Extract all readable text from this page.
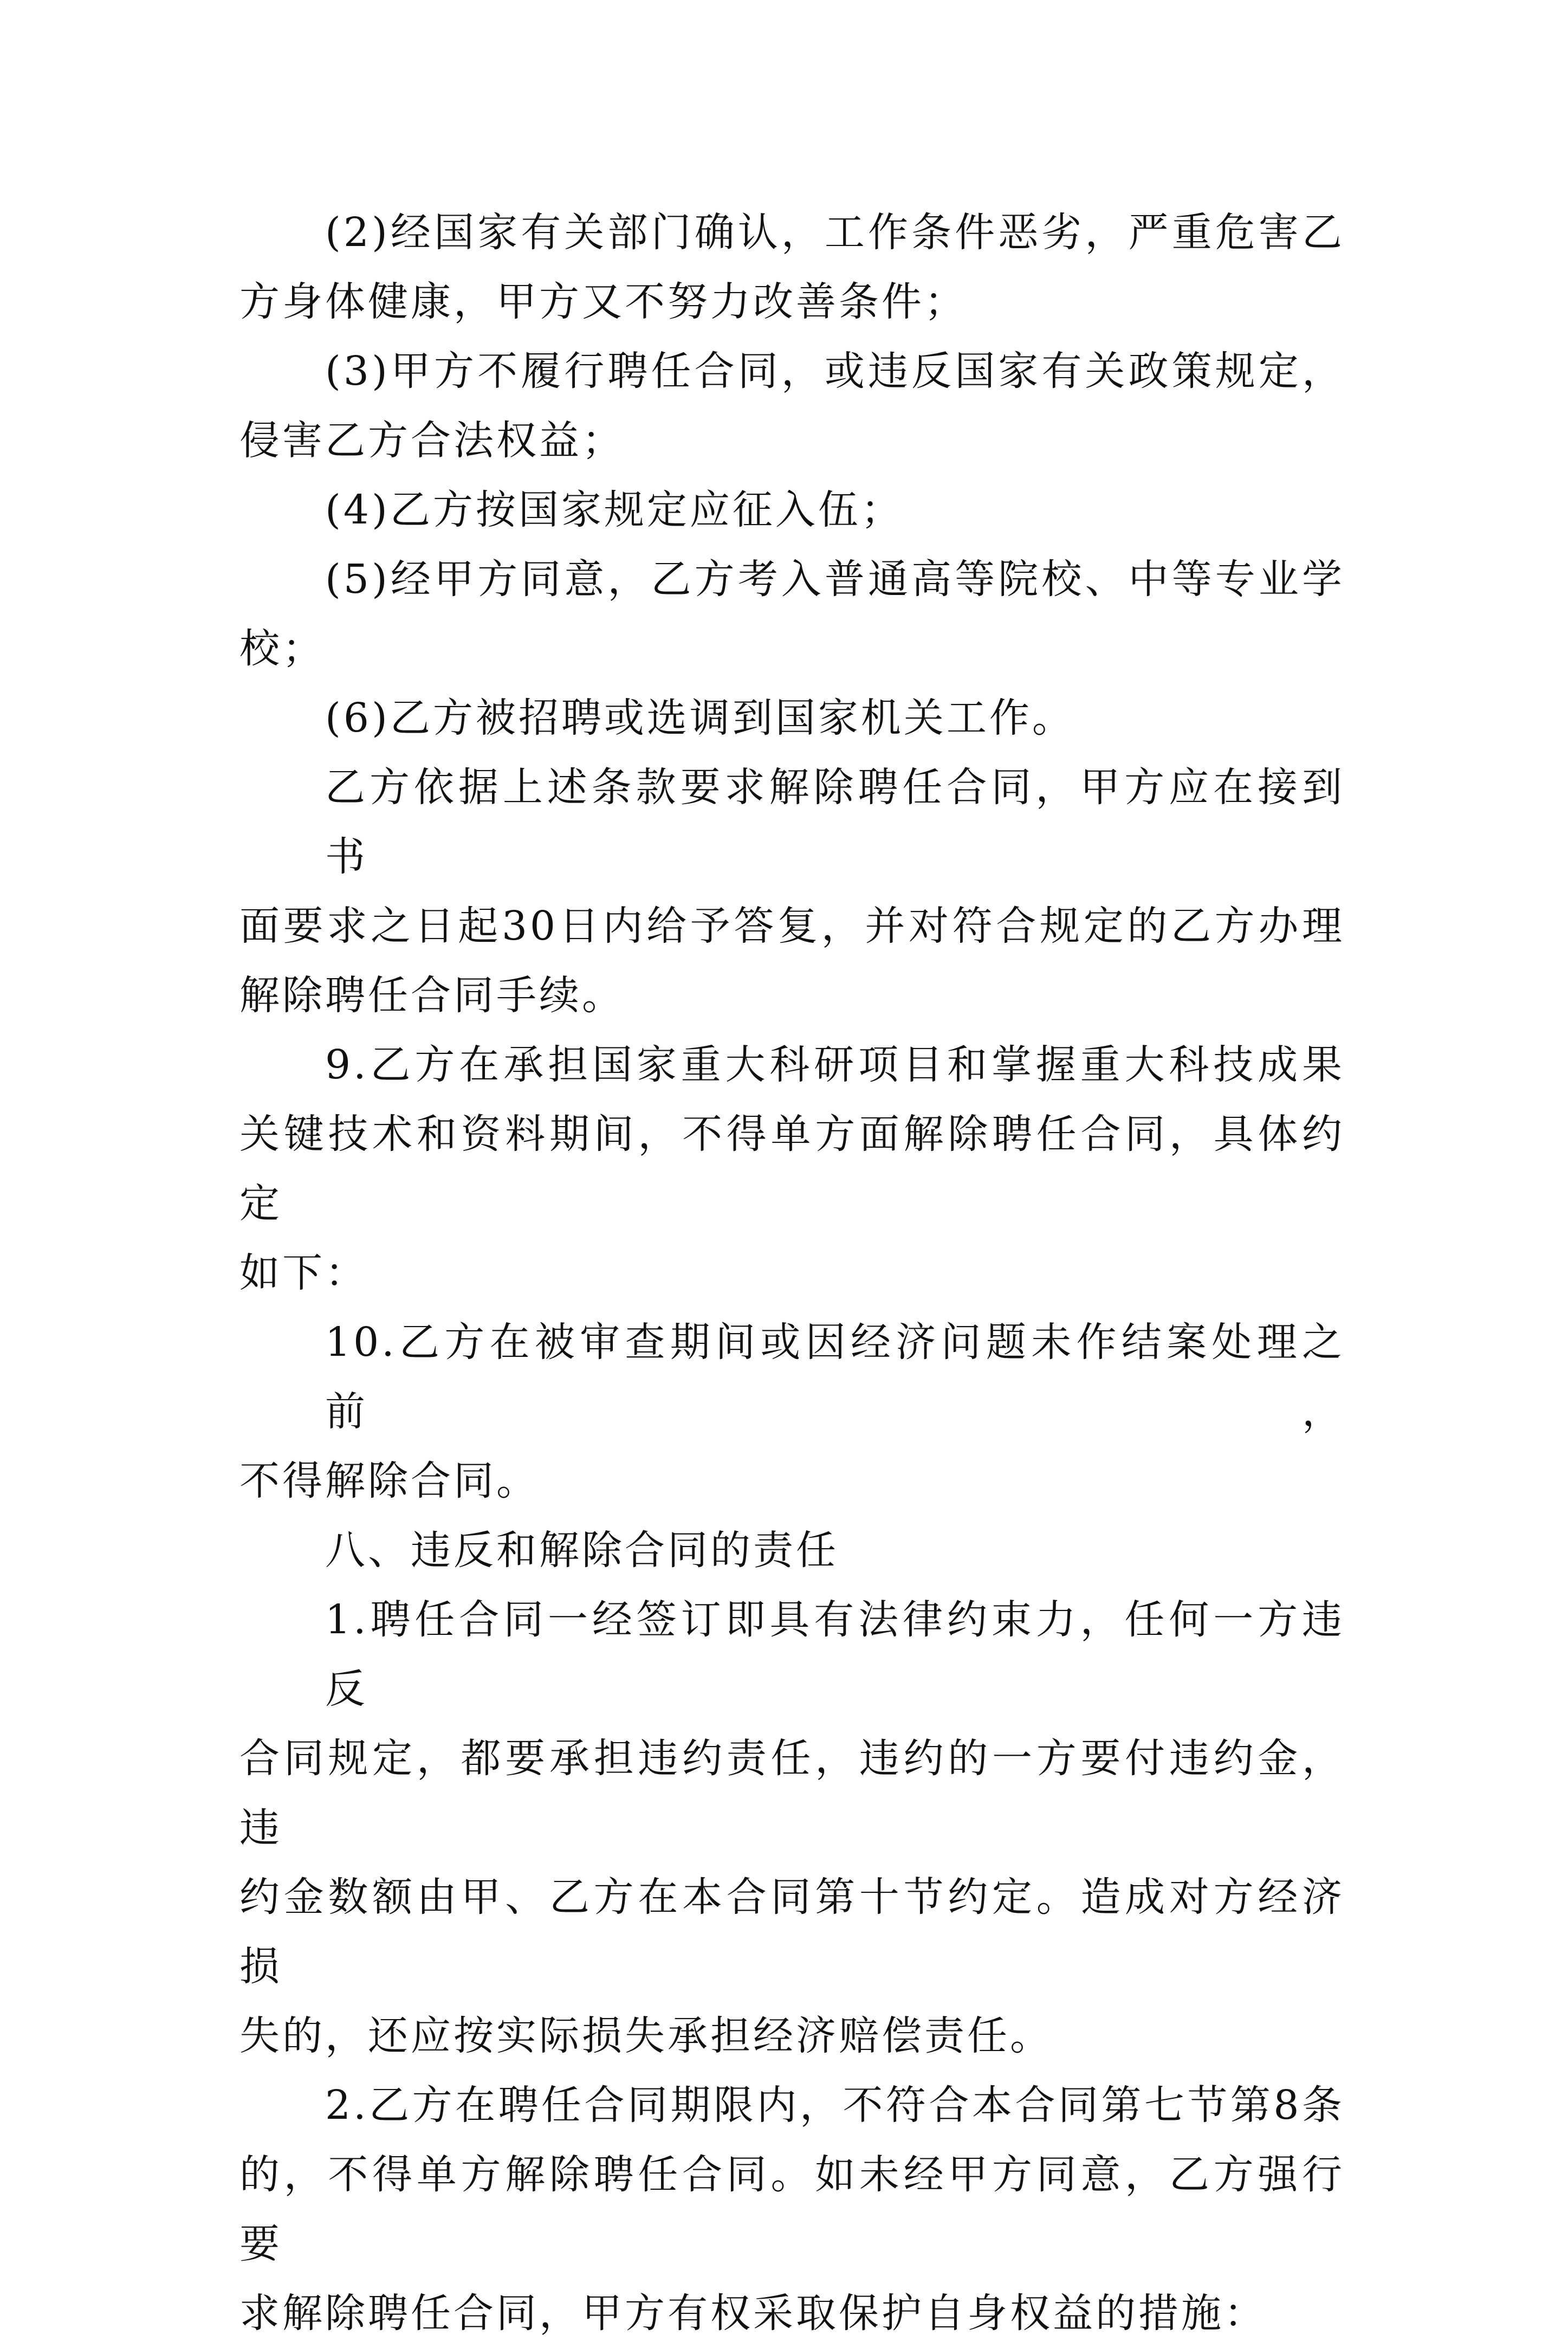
(2)经国家有关部门确认，工作条件恶劣，严重危害乙
方身体健康，甲方又不努力改善条件；
(3)甲方不履行聘任合同，或违反国家有关政策规定，
侵害乙方合法权益；
(4)乙方按国家规定应征入伍；
(5)经甲方同意，乙方考入普通高等院校、中等专业学
校；
(6)乙方被招聘或选调到国家机关工作。
乙方依据上述条款要求解除聘任合同，甲方应在接到书
面要求之日起30日内给予答复，并对符合规定的乙方办理
解除聘任合同手续。
9.乙方在承担国家重大科研项目和掌握重大科技成果
关键技术和资料期间，不得单方面解除聘任合同，具体约定
如下：
10.乙方在被审查期间或因经济问题未作结案处理之前，
不得解除合同。
八、违反和解除合同的责任
1.聘任合同一经签订即具有法律约束力，任何一方违反
合同规定，都要承担违约责任，违约的一方要付违约金，违
约金数额由甲、乙方在本合同第十节约定。造成对方经济损
失的，还应按实际损失承担经济赔偿责任。
2.乙方在聘任合同期限内，不符合本合同第七节第8条
的，不得单方解除聘任合同。如未经甲方同意，乙方强行要
求解除聘任合同，甲方有权采取保护自身权益的措施：
